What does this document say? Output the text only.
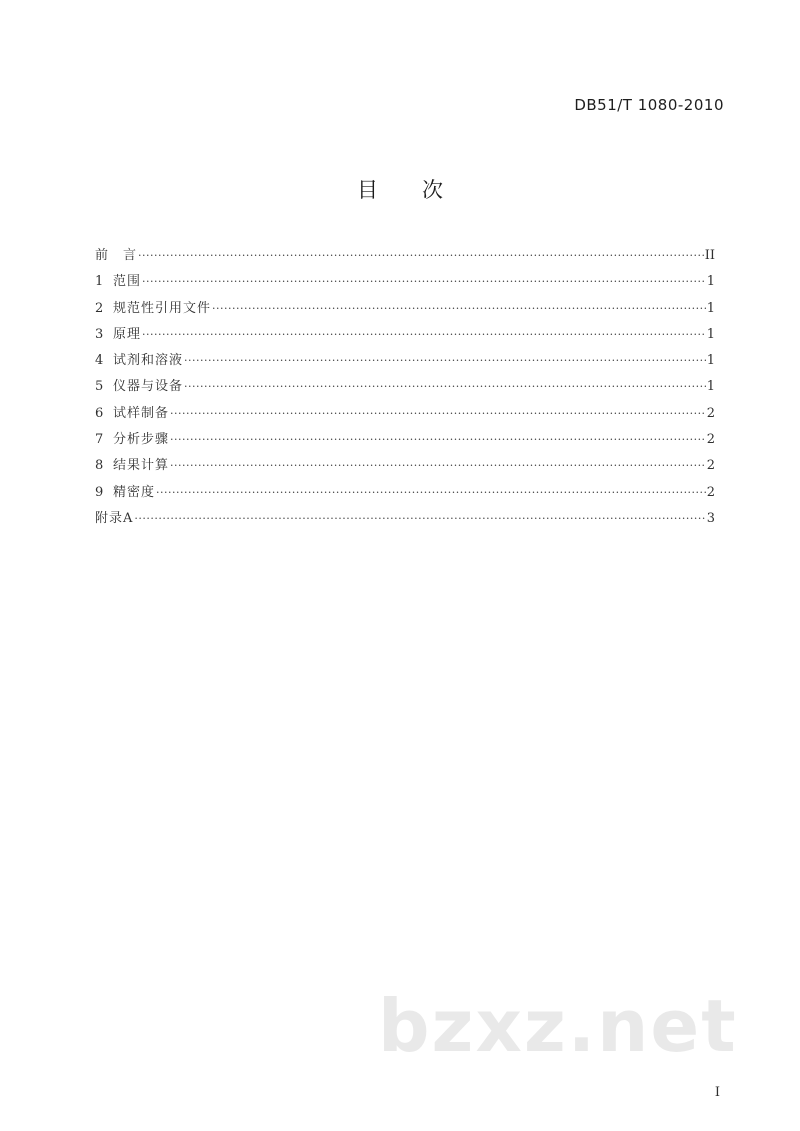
DB51/T 1080-2010
目 次
前　言 ·····	II
1 范围 ·····	1
2 规范性引用文件 ·····	1
3 原理 ·····	1
4 试剂和溶液 ·····	1
5 仪器与设备 ·····	1
6 试样制备 ·····	2
7 分析步骤 ·····	2
8 结果计算 ·····	2
9 精密度 ·····	2
附录A ·····	3
bzxz.net
I
